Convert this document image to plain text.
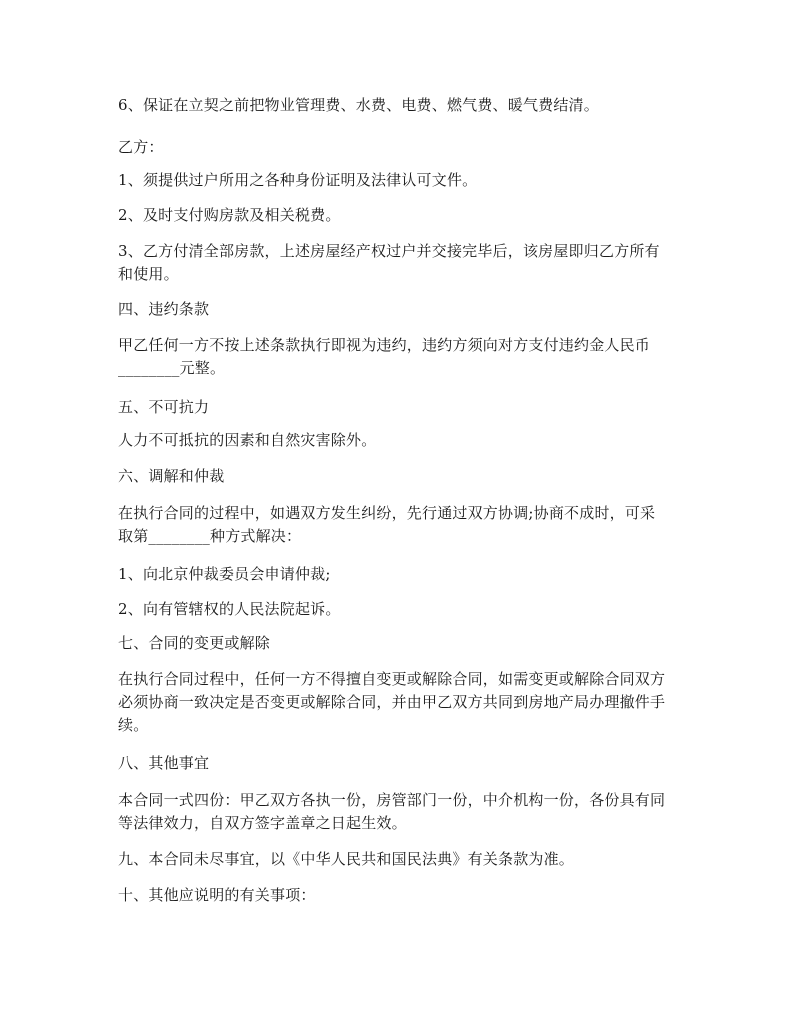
6、保证在立契之前把物业管理费、水费、电费、燃气费、暖气费结清。
乙方：
1、须提供过户所用之各种身份证明及法律认可文件。
2、及时支付购房款及相关税费。
3、乙方付清全部房款，上述房屋经产权过户并交接完毕后，该房屋即归乙方所有
和使用。
四、违约条款
甲乙任何一方不按上述条款执行即视为违约，违约方须向对方支付违约金人民币
________元整。
五、不可抗力
人力不可抵抗的因素和自然灾害除外。
六、调解和仲裁
在执行合同的过程中，如遇双方发生纠纷，先行通过双方协调;协商不成时，可采
取第________种方式解决：
1、向北京仲裁委员会申请仲裁;
2、向有管辖权的人民法院起诉。
七、合同的变更或解除
在执行合同过程中，任何一方不得擅自变更或解除合同，如需变更或解除合同双方
必须协商一致决定是否变更或解除合同，并由甲乙双方共同到房地产局办理撤件手
续。
八、其他事宜
本合同一式四份：甲乙双方各执一份，房管部门一份，中介机构一份，各份具有同
等法律效力，自双方签字盖章之日起生效。
九、本合同未尽事宜，以《中华人民共和国民法典》有关条款为准。
十、其他应说明的有关事项：
